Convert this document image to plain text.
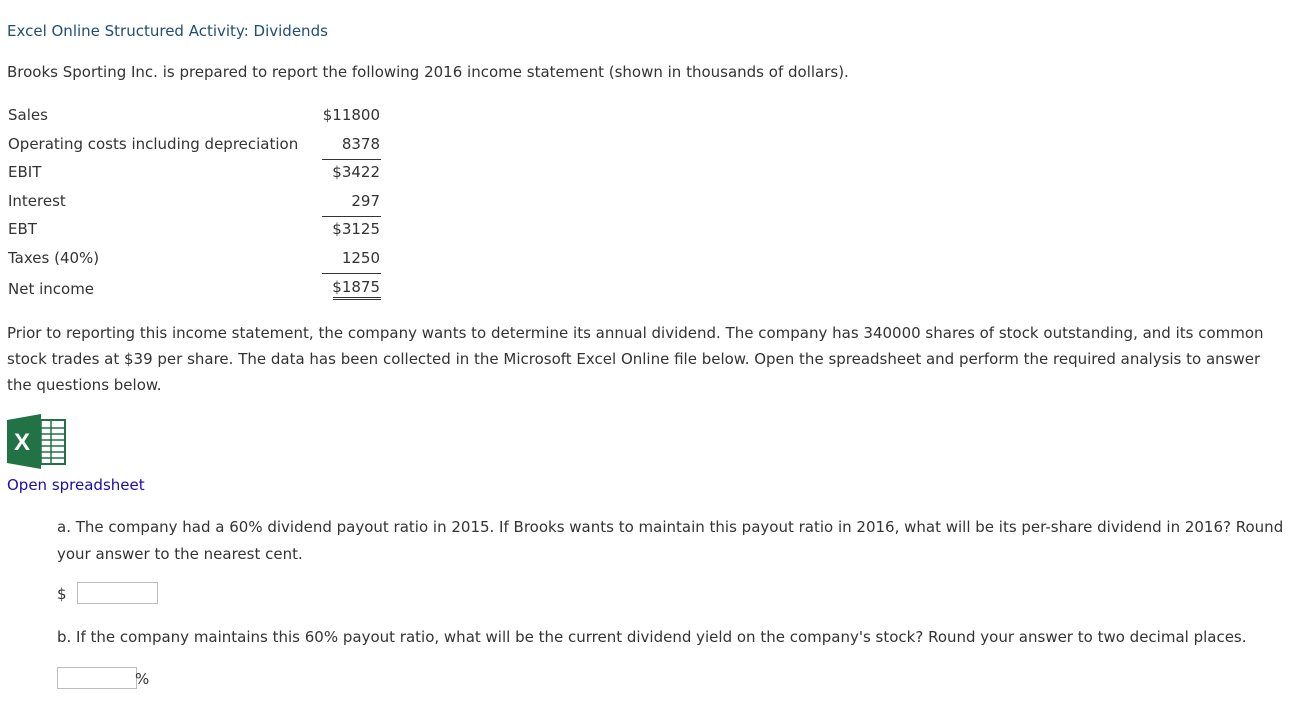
Excel Online Structured Activity: Dividends
Brooks Sporting Inc. is prepared to report the following 2016 income statement (shown in thousands of dollars).
Sales	$11800
Operating costs including depreciation	8378
EBIT	$3422
Interest	297
EBT	$3125
Taxes (40%)	1250
Net income	$1875
Prior to reporting this income statement, the company wants to determine its annual dividend. The company has 340000 shares of stock outstanding, and its common stock trades at $39 per share. The data has been collected in the Microsoft Excel Online file below. Open the spreadsheet and perform the required analysis to answer the questions below.
X
Open spreadsheet
a. The company had a 60% dividend payout ratio in 2015. If Brooks wants to maintain this payout ratio in 2016, what will be its per-share dividend in 2016? Round your answer to the nearest cent.
$
b. If the company maintains this 60% payout ratio, what will be the current dividend yield on the company's stock? Round your answer to two decimal places.
%
